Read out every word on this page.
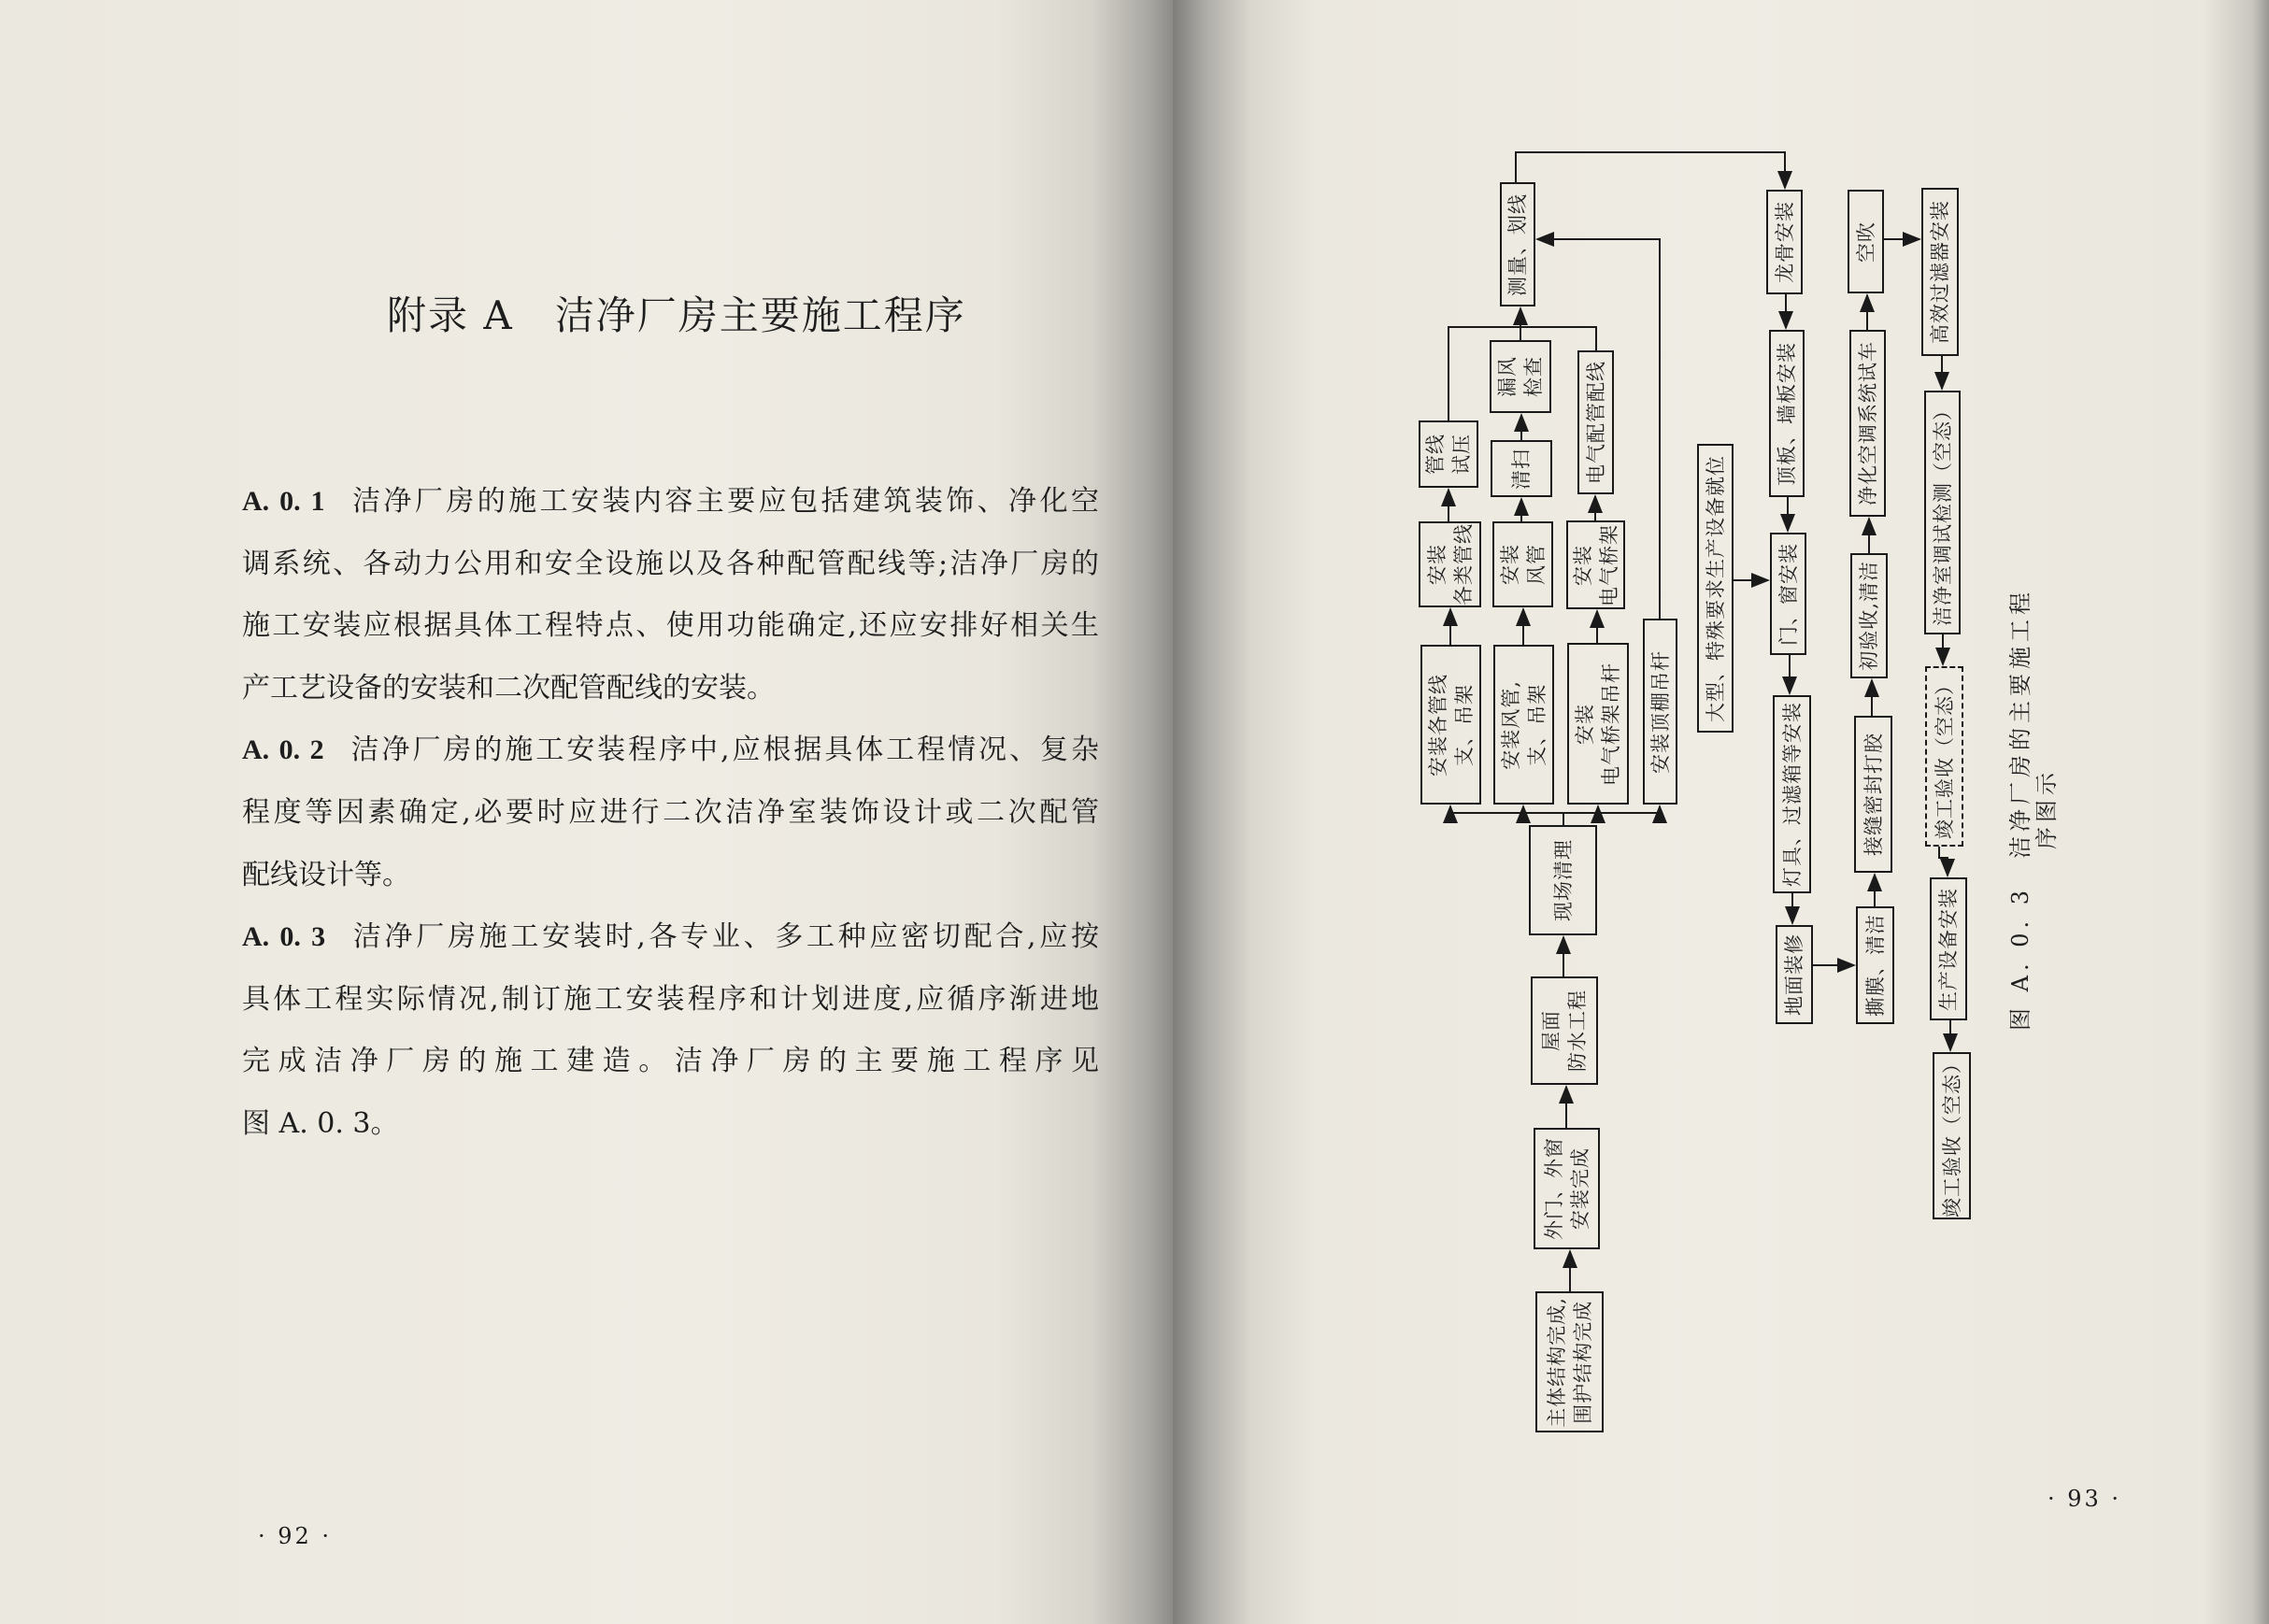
附录 A 洁净厂房主要施工程序
A. 0. 1 洁净厂房的施工安装内容主要应包括建筑装饰、净化空
调系统、各动力公用和安全设施以及各种配管配线等;洁净厂房的
施工安装应根据具体工程特点、使用功能确定,还应安排好相关生
产工艺设备的安装和二次配管配线的安装。
A. 0. 2 洁净厂房的施工安装程序中,应根据具体工程情况、复杂
程度等因素确定,必要时应进行二次洁净室装饰设计或二次配管
配线设计等。
A. 0. 3 洁净厂房施工安装时,各专业、多工种应密切配合,应按
具体工程实际情况,制订施工安装程序和计划进度,应循序渐进地
完成洁净厂房的施工建造。洁净厂房的主要施工程序见
图 A. 0. 3。
· 92 ·
· 93 ·
主体结构完成,
围护结构完成
外门、外窗
安装完成
屋面
防水工程
现场清理
安装各管线
支、吊架 安装风管,
支、吊架 安装
电气桥架吊杆 安装顶棚吊杆
安装
各类管线 安装
风管 安装
电气桥架
管线
试压 清扫	电气配管配线
漏风
检查
测量、划线
大型、特殊要求生产设备就位
龙骨安装
顶板、墙板安装
门、窗安装
灯具、过滤箱等安装
地面装修	撕膜、清洁
接缝密封打胶
初验收,清洁
净化空调系统试车
空吹	高效过滤器安装
洁净室调试检测（空态）
竣工验收（空态）
生产设备安装
竣工验收（空态）
图 A. 0. 3　洁净厂房的主要施工程序图示
